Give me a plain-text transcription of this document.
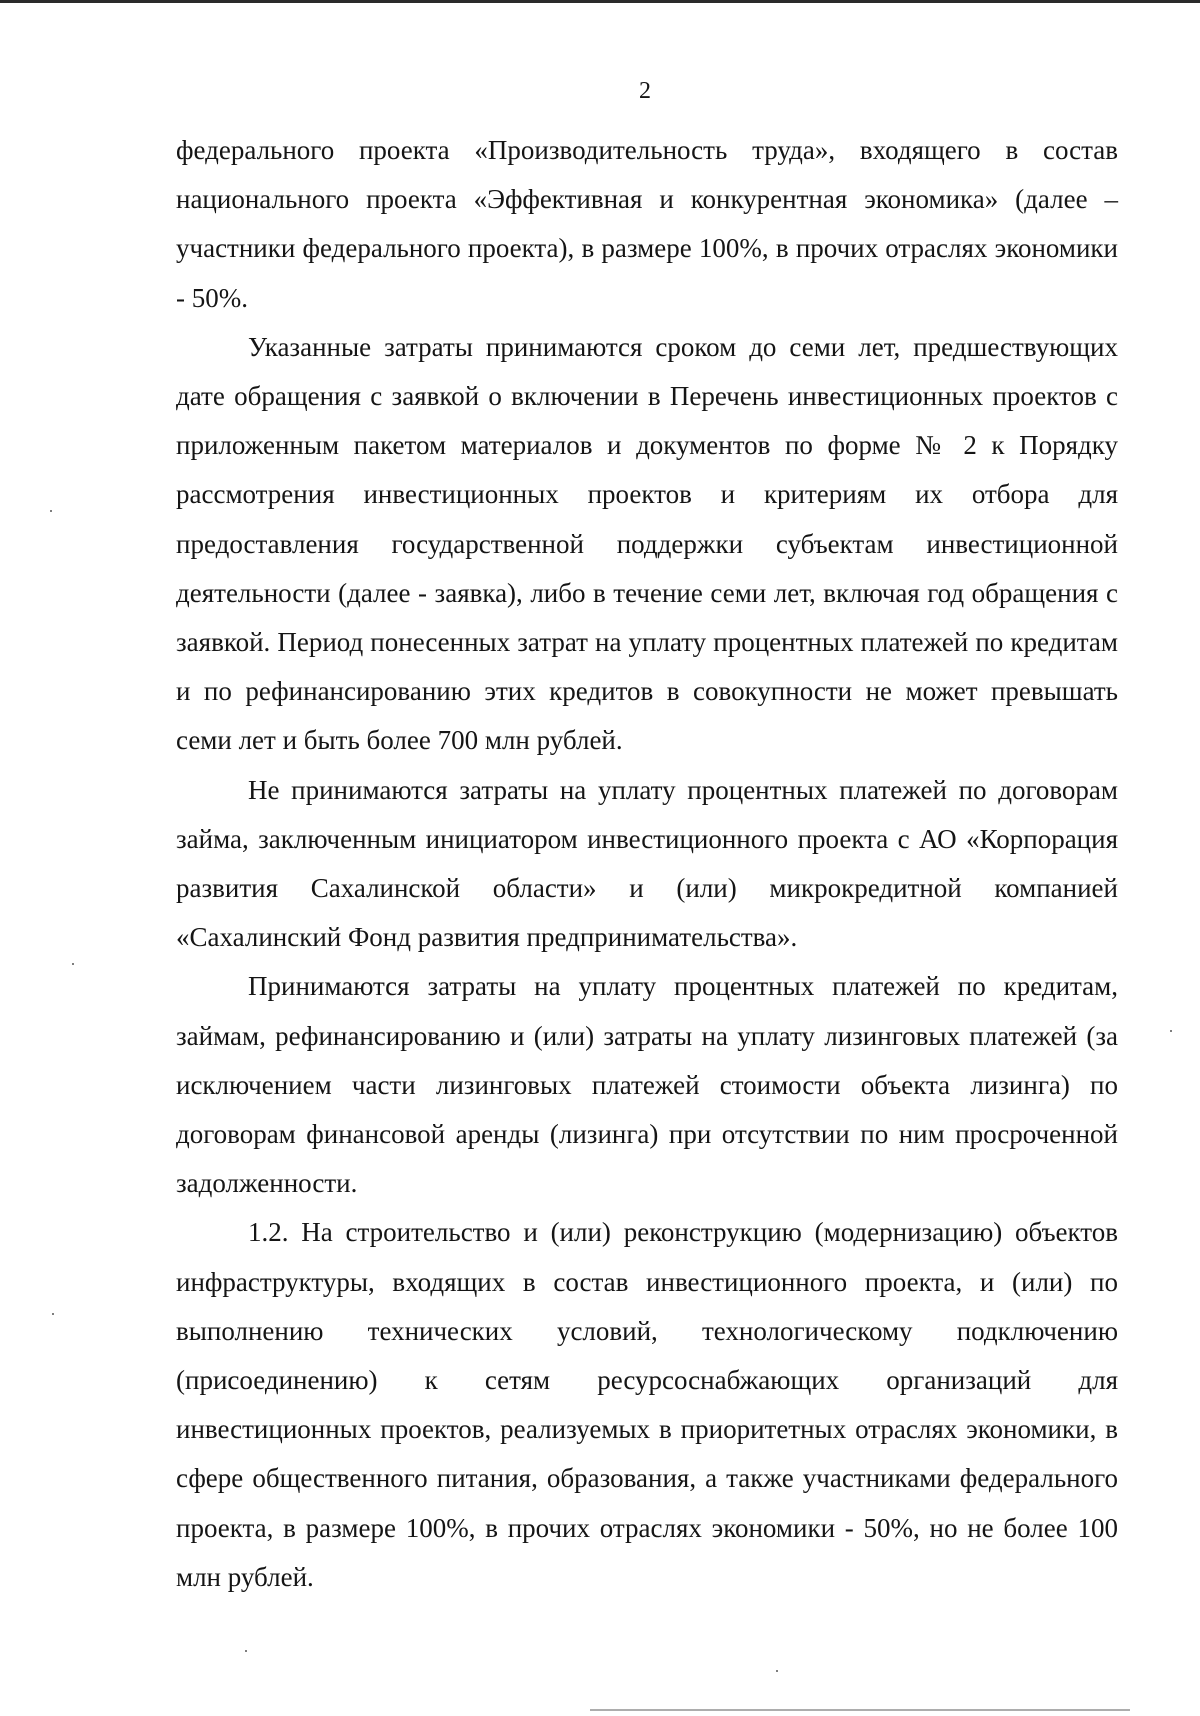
2

федерального проекта «Производительность труда», входящего в состав национального проекта «Эффективная и конкурентная экономика» (далее – участники федерального проекта), в размере 100%, в прочих отраслях экономики - 50%.

Указанные затраты принимаются сроком до семи лет, предшествующих дате обращения с заявкой о включении в Перечень инвестиционных проектов с приложенным пакетом материалов и документов по форме № 2 к Порядку рассмотрения инвестиционных проектов и критериям их отбора для предоставления государственной поддержки субъектам инвестиционной деятельности (далее - заявка), либо в течение семи лет, включая год обращения с заявкой. Период понесенных затрат на уплату процентных платежей по кредитам и по рефинансированию этих кредитов в совокупности не может превышать семи лет и быть более 700 млн рублей.

Не принимаются затраты на уплату процентных платежей по договорам займа, заключенным инициатором инвестиционного проекта с АО «Корпорация развития Сахалинской области» и (или) микрокредитной компанией «Сахалинский Фонд развития предпринимательства».

Принимаются затраты на уплату процентных платежей по кредитам, займам, рефинансированию и (или) затраты на уплату лизинговых платежей (за исключением части лизинговых платежей стоимости объекта лизинга) по договорам финансовой аренды (лизинга) при отсутствии по ним просроченной задолженности.

1.2. На строительство и (или) реконструкцию (модернизацию) объектов инфраструктуры, входящих в состав инвестиционного проекта, и (или) по выполнению технических условий, технологическому подключению (присоединению) к сетям ресурсоснабжающих организаций для инвестиционных проектов, реализуемых в приоритетных отраслях экономики, в сфере общественного питания, образования, а также участниками федерального проекта, в размере 100%, в прочих отраслях экономики - 50%, но не более 100 млн рублей.
